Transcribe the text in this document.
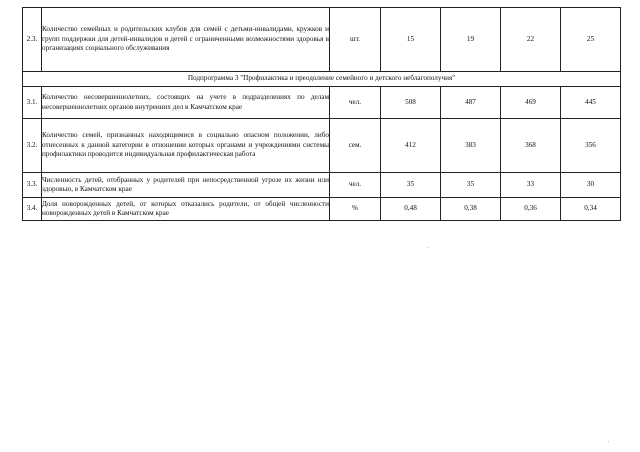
2.3.	Количество семейных и родительских клубов для семей с детьми-инвалидами, кружков и групп поддержки для детей-инвалидов и детей с ограниченными возможностями здоровья в организациях социального обслуживания	шт.	15	19	22	25
Подпрограмма 3 "Профилактика и преодоление семейного и детского неблагополучия"						
3.1.	Количество несовершеннолетних, состоящих на учете в подразделениях по делам несовершеннолетних органов внутренних дел в Камчатском крае	чел.	508	487	469	445
3.2.	Количество семей, признанных находящимися в социально опасном положении, либо отнесенных к данной категории в отношении которых органами и учреждениями системы профилактики проводится индивидуальная профилактическая работа	сем.	412	383	368	356
3.3.	Численность детей, отобранных у родителей при непосредственной угрозе их жизни или здоровью, в Камчатском крае	чел.	35	35	33	30
3.4.	Доля новорожденных детей, от которых отказались родители, от общей численности новорожденных детей в Камчатском крае	%	0,48	0,38	0,36	0,34
